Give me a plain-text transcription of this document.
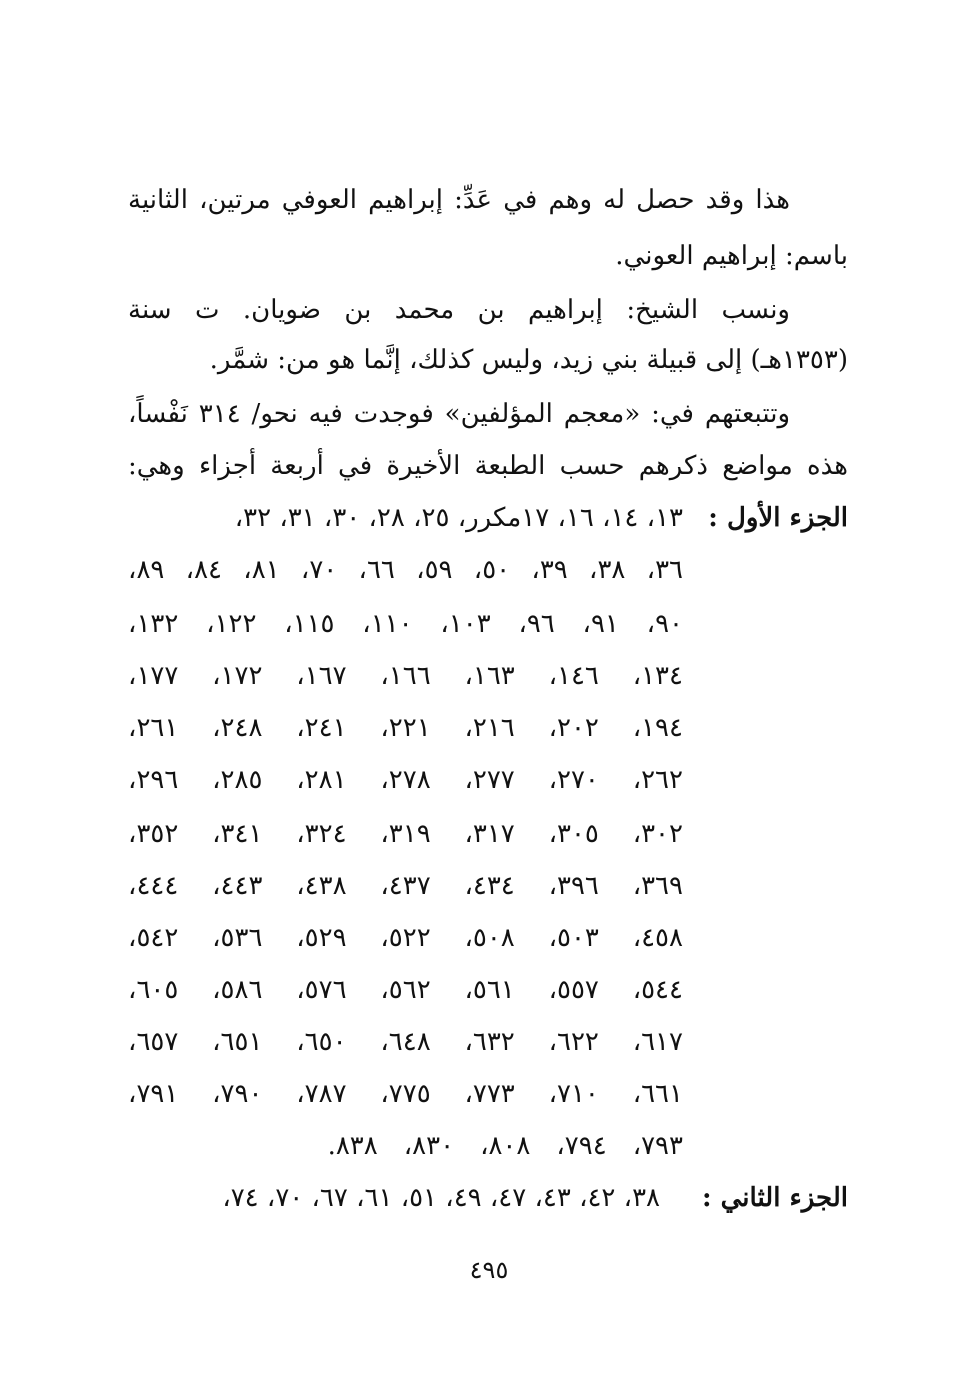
هذا وقد حصل له وهم في عَدِّ: إبراهيم العوفي مرتين، الثانية
باسم: إبراهيم العوني.
ونسب الشيخ: إبراهيم بن محمد بن ضويان. ت سنة
(١٣٥٣هـ) إلى قبيلة بني زيد، وليس كذلك، إنَّما هو من: شمَّر.
وتتبعتهم في: «معجم المؤلفين» فوجدت فيه نحو/ ٣١٤ نَفْساً،
هذه مواضع ذكرهم حسب الطبعة الأخيرة في أربعة أجزاء وهي:
الجزء الأول :
١٣، ١٤، ١٦، ١٧مكرر، ٢٥، ٢٨، ٣٠، ٣١، ٣٢،
٣٦،
٣٨،
٣٩،
٥٠،
٥٩،
٦٦،
٧٠،
٨١،
٨٤،
٨٩،
٩٠،
٩١،
٩٦،
١٠٣،
١١٠،
١١٥،
١٢٢،
١٣٢،
١٣٤،
١٤٦،
١٦٣،
١٦٦،
١٦٧،
١٧٢،
١٧٧،
١٩٤،
٢٠٢،
٢١٦،
٢٢١،
٢٤١،
٢٤٨،
٢٦١،
٢٦٢،
٢٧٠،
٢٧٧،
٢٧٨،
٢٨١،
٢٨٥،
٢٩٦،
٣٠٢،
٣٠٥،
٣١٧،
٣١٩،
٣٢٤،
٣٤١،
٣٥٢،
٣٦٩،
٣٩٦،
٤٣٤،
٤٣٧،
٤٣٨،
٤٤٣،
٤٤٤،
٤٥٨،
٥٠٣،
٥٠٨،
٥٢٢،
٥٢٩،
٥٣٦،
٥٤٢،
٥٤٤،
٥٥٧،
٥٦١،
٥٦٢،
٥٧٦،
٥٨٦،
٦٠٥،
٦١٧،
٦٢٢،
٦٣٢،
٦٤٨،
٦٥٠،
٦٥١،
٦٥٧،
٦٦١،
٧١٠،
٧٧٣،
٧٧٥،
٧٨٧،
٧٩٠،
٧٩١،
٧٩٣،
٧٩٤،
٨٠٨،
٨٣٠،
٨٣٨.
الجزء الثاني :
٣٨، ٤٢، ٤٣، ٤٧، ٤٩، ٥١، ٦١، ٦٧، ٧٠، ٧٤،
٤٩٥
